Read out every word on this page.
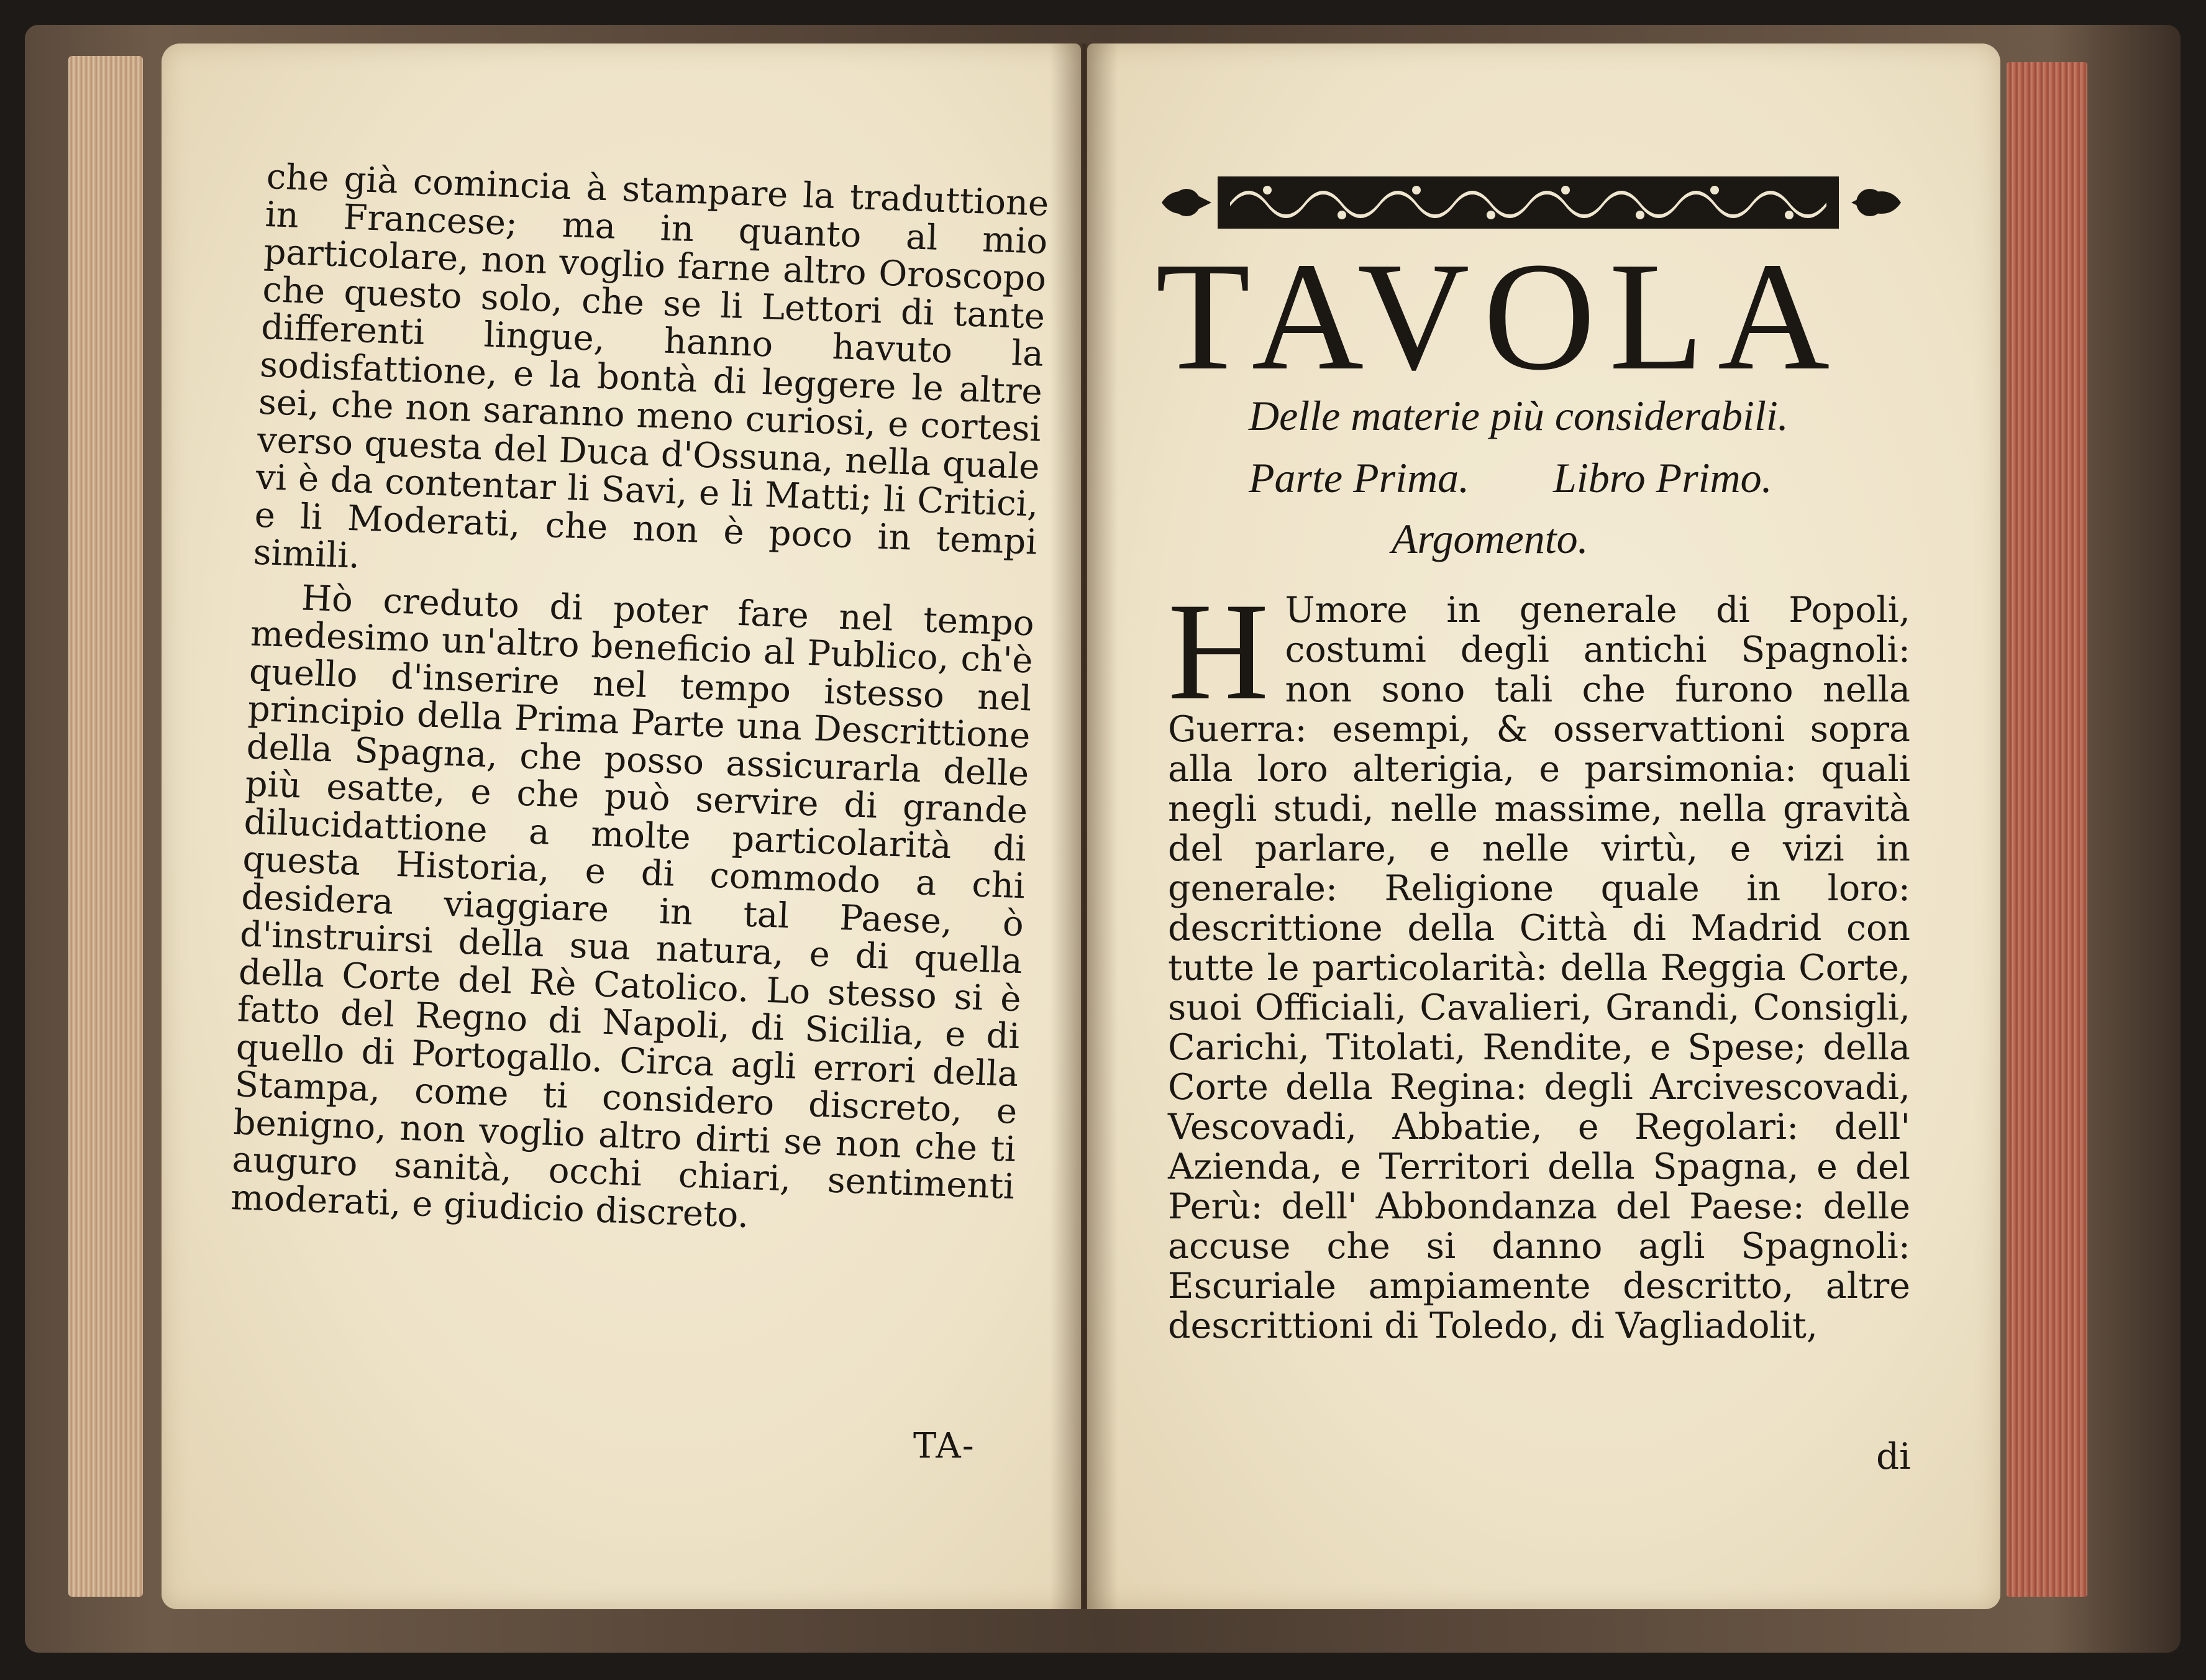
che già comincia à stampare la traduttione in Francese; ma in quanto al mio particolare, non voglio farne altro Oroscopo che questo solo, che se li Lettori di tante differenti lingue, hanno havuto la sodisfattione, e la bontà di leggere le altre sei, che non saranno meno curiosi, e cortesi verso questa del Duca d'Ossuna, nella quale vi è da contentar li Savi, e li Matti; li Critici, e li Moderati, che non è poco in tempi simili.

Hò creduto di poter fare nel tempo medesimo un'altro beneficio al Publico, ch'è quello d'inserire nel tempo istesso nel principio della Prima Parte una Descrittione della Spagna, che posso assicurarla delle più esatte, e che può servire di grande dilucidattione a molte particolarità di questa Historia, e di commodo a chi desidera viaggiare in tal Paese, ò d'instruirsi della sua natura, e di quella della Corte del Rè Catolico. Lo stesso si è fatto del Regno di Napoli, di Sicilia, e di quello di Portogallo. Circa agli errori della Stampa, come ti considero discreto, e benigno, non voglio altro dirti se non che ti auguro sanità, occhi chiari, sentimenti moderati, e giudicio discreto.

TA-
TAVOLA
Delle materie più considerabili.
Parte Prima. Libro Primo.
Argomento.
H Umore in generale di Popoli, costumi degli antichi Spagnoli: non sono tali che furono nella Guerra: esempi, & osservattioni sopra alla loro alterigia, e parsimonia: quali negli studi, nelle massime, nella gravità del parlare, e nelle virtù, e vizi in generale: Religione quale in loro: descrittione della Città di Madrid con tutte le particolarità: della Reggia Corte, suoi Officiali, Cavalieri, Grandi, Consigli, Carichi, Titolati, Rendite, e Spese; della Corte della Regina: degli Arcivescovadi, Vescovadi, Abbatie, e Regolari: dell' Azienda, e Territori della Spagna, e del Perù: dell' Abbondanza del Paese: delle accuse che si danno agli Spagnoli: Escuriale ampiamente descritto, altre descrittioni di Toledo, di Vagliadolit,
di
